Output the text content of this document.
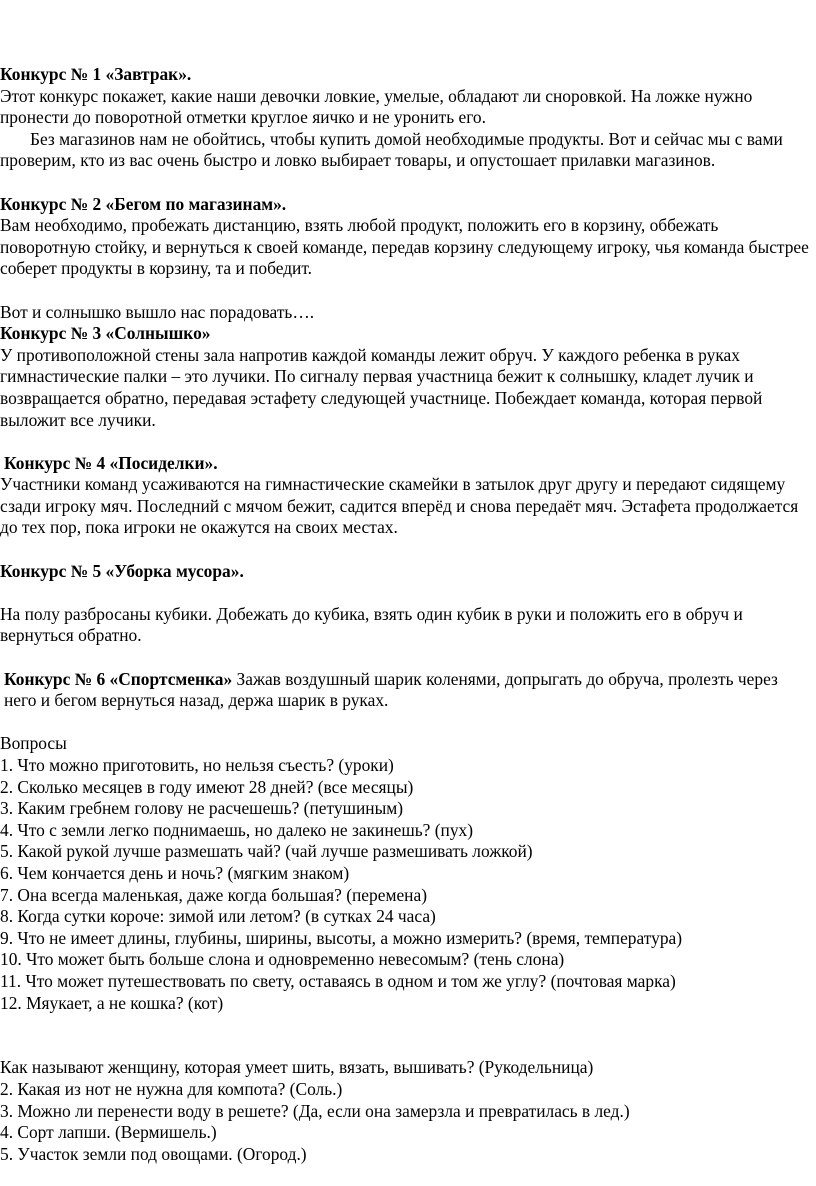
Конкурс № 1 «Завтрак».

Этот конкурс покажет, какие наши девочки ловкие, умелые, обладают ли сноровкой. На ложке нужно пронести до поворотной отметки круглое яичко и не уронить его.

Без магазинов нам не обойтись, чтобы купить домой необходимые продукты. Вот и сейчас мы с вами проверим, кто из вас очень быстро и ловко выбирает товары, и опустошает прилавки магазинов.

Конкурс № 2 «Бегом по магазинам».

Вам необходимо, пробежать дистанцию, взять любой продукт, положить его в корзину, оббежать поворотную стойку, и вернуться к своей команде, передав корзину следующему игроку, чья команда быстрее соберет продукты в корзину, та и победит.

Вот и солнышко вышло нас порадовать….

Конкурс № 3 «Солнышко»

У противоположной стены зала напротив каждой команды лежит обруч. У каждого ребенка в руках гимнастические палки – это лучики. По сигналу первая участница бежит к солнышку, кладет лучик и возвращается обратно, передавая эстафету следующей участнице. Побеждает команда, которая первой выложит все лучики.

Конкурс № 4 «Посиделки».

Участники команд усаживаются на гимнастические скамейки в затылок друг другу и передают сидящему сзади игроку мяч. Последний с мячом бежит, садится вперёд и снова передаёт мяч. Эстафета продолжается до тех пор, пока игроки не окажутся на своих местах.

Конкурс № 5 «Уборка мусора».

На полу разбросаны кубики. Добежать до кубика, взять один кубик в руки и положить его в обруч и вернуться обратно.

Конкурс № 6 «Спортсменка» Зажав воздушный шарик коленями, допрыгать до обруча, пролезть через него и бегом вернуться назад, держа шарик в руках.

Вопросы

1. Что можно приготовить, но нельзя съесть? (уроки)

2. Сколько месяцев в году имеют 28 дней? (все месяцы)

3. Каким гребнем голову не расчешешь? (петушиным)

4. Что с земли легко поднимаешь, но далеко не закинешь? (пух)

5. Какой рукой лучше размешать чай? (чай лучше размешивать ложкой)

6. Чем кончается день и ночь? (мягким знаком)

7. Она всегда маленькая, даже когда большая? (перемена)

8. Когда сутки короче: зимой или летом? (в сутках 24 часа)

9. Что не имеет длины, глубины, ширины, высоты, а можно измерить? (время, температура)

10. Что может быть больше слона и одновременно невесомым? (тень слона)

11. Что может путешествовать по свету, оставаясь в одном и том же углу? (почтовая марка)

12. Мяукает, а не кошка? (кот)

Как называют женщину, которая умеет шить, вязать, вышивать? (Рукодельница)

2. Какая из нот не нужна для компота? (Соль.)

3. Можно ли перенести воду в решете? (Да, если она замерзла и превратилась в лед.)

4. Сорт лапши. (Вермишель.)

5. Участок земли под овощами. (Огород.)
